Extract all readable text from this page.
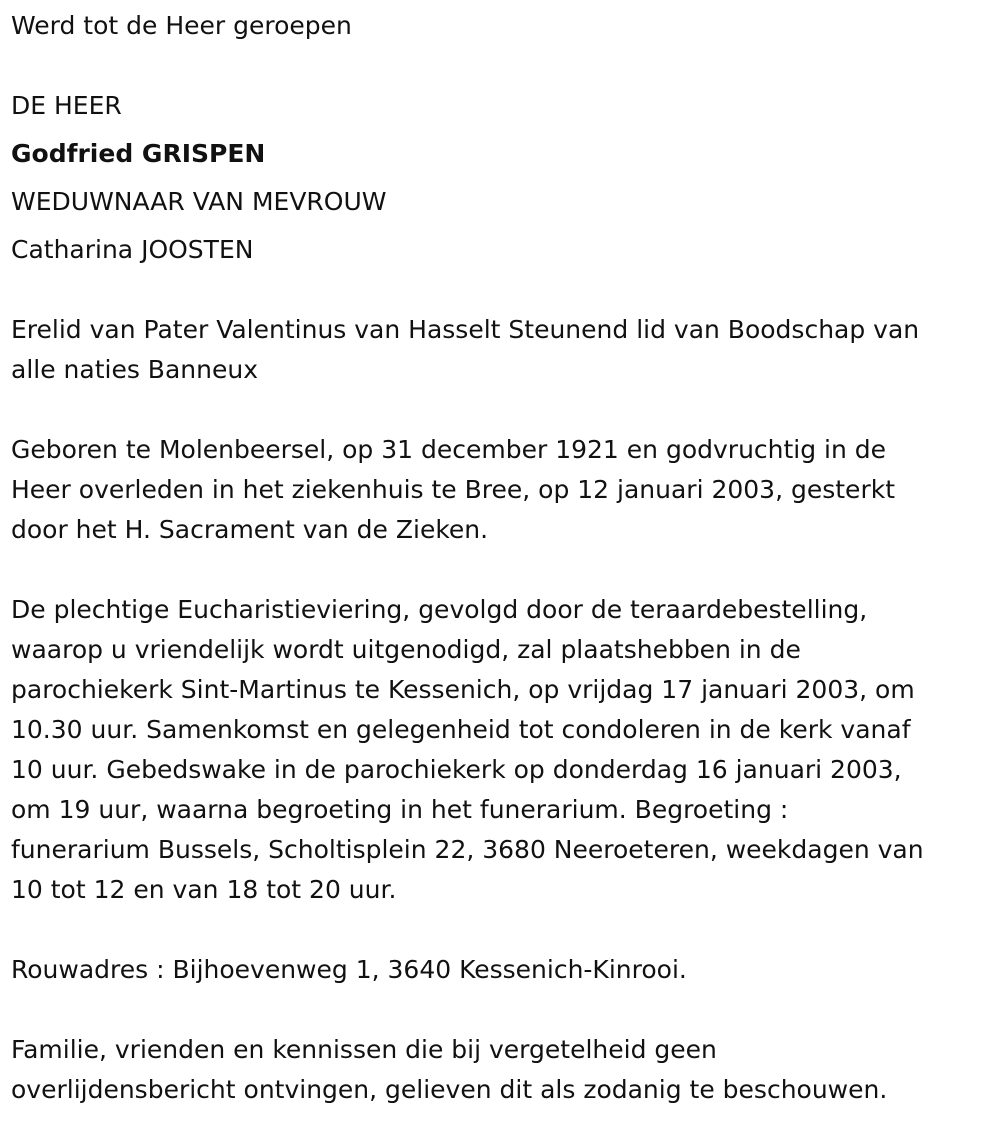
Werd tot de Heer geroepen

DE HEER

Godfried GRISPEN

WEDUWNAAR VAN MEVROUW

Catharina JOOSTEN

Erelid van Pater Valentinus van Hasselt Steunend lid van Boodschap van

alle naties Banneux

Geboren te Molenbeersel, op 31 december 1921 en godvruchtig in de

Heer overleden in het ziekenhuis te Bree, op 12 januari 2003, gesterkt

door het H. Sacrament van de Zieken.

De plechtige Eucharistieviering, gevolgd door de teraardebestelling,

waarop u vriendelijk wordt uitgenodigd, zal plaatshebben in de

parochiekerk Sint-Martinus te Kessenich, op vrijdag 17 januari 2003, om

10.30 uur. Samenkomst en gelegenheid tot condoleren in de kerk vanaf

10 uur. Gebedswake in de parochiekerk op donderdag 16 januari 2003,

om 19 uur, waarna begroeting in het funerarium. Begroeting :

funerarium Bussels, Scholtisplein 22, 3680 Neeroeteren, weekdagen van

10 tot 12 en van 18 tot 20 uur.

Rouwadres : Bijhoevenweg 1, 3640 Kessenich-Kinrooi.

Familie, vrienden en kennissen die bij vergetelheid geen

overlijdensbericht ontvingen, gelieven dit als zodanig te beschouwen.
